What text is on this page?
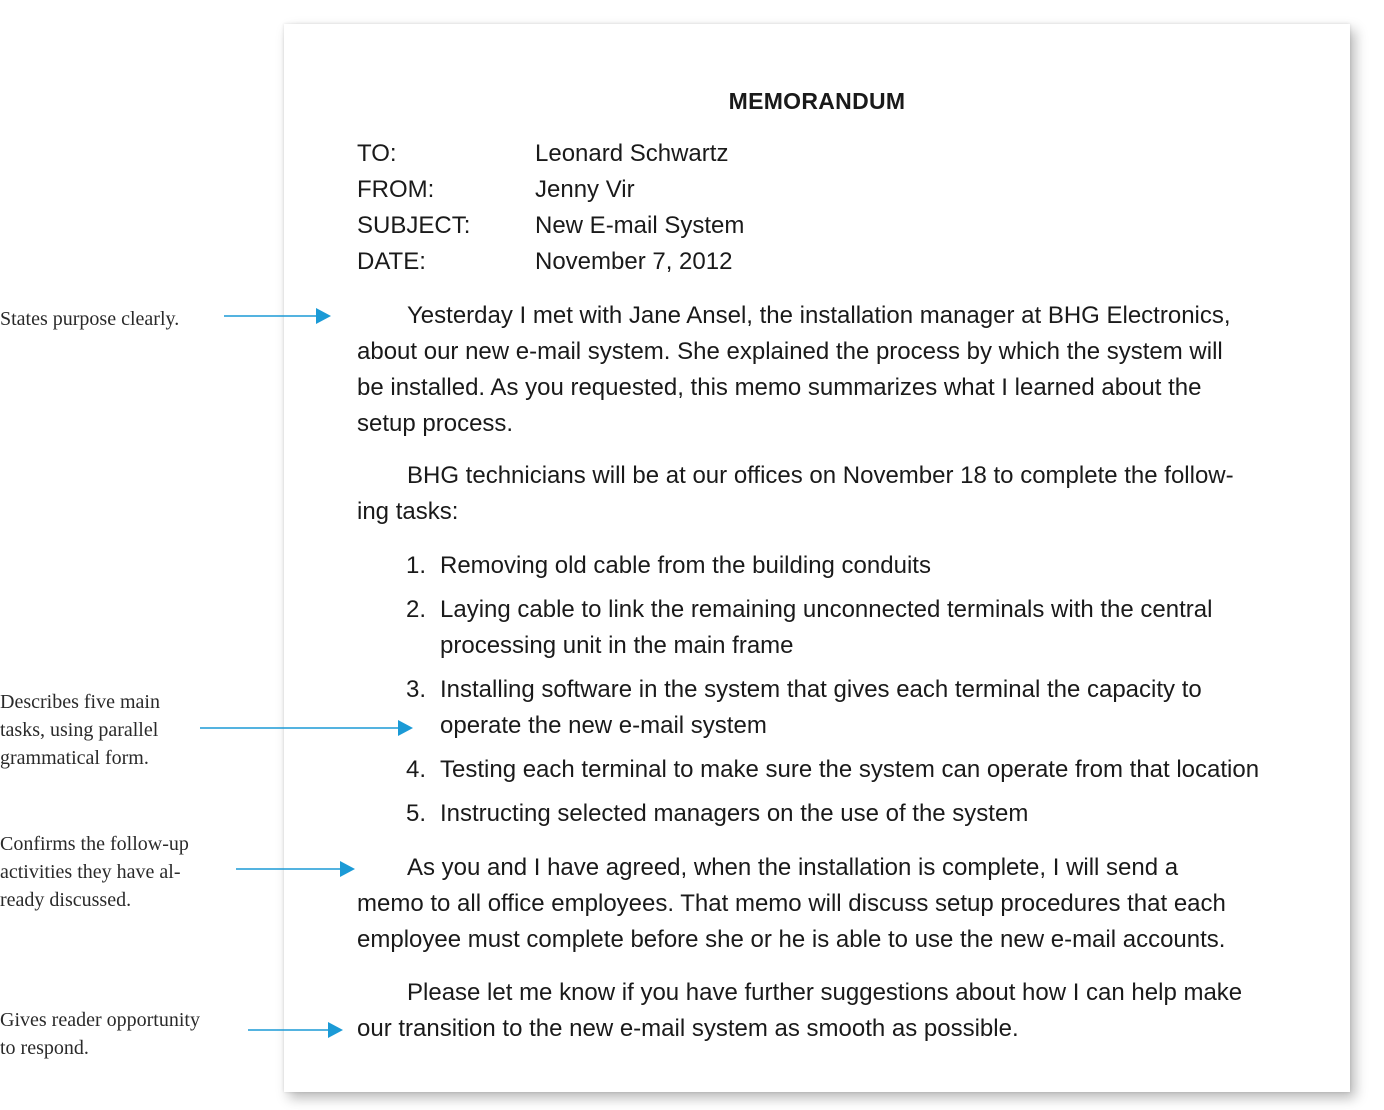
MEMORANDUM
TO:	Leonard Schwartz
FROM:	Jenny Vir
SUBJECT:	New E-mail System
DATE:	November 7, 2012
Yesterday I met with Jane Ansel, the installation manager at BHG Electronics,
about our new e-mail system. She explained the process by which the system will
be installed. As you requested, this memo summarizes what I learned about the
setup process.
BHG technicians will be at our offices on November 18 to complete the follow-
ing tasks:
1. Removing old cable from the building conduits
2. Laying cable to link the remaining unconnected terminals with the central
processing unit in the main frame
3. Installing software in the system that gives each terminal the capacity to
operate the new e-mail system
4. Testing each terminal to make sure the system can operate from that location
5. Instructing selected managers on the use of the system
As you and I have agreed, when the installation is complete, I will send a
memo to all office employees. That memo will discuss setup procedures that each
employee must complete before she or he is able to use the new e-mail accounts.
Please let me know if you have further suggestions about how I can help make
our transition to the new e-mail system as smooth as possible.
States purpose clearly.
Describes five main
tasks, using parallel
grammatical form.
Confirms the follow-up
activities they have al-
ready discussed.
Gives reader opportunity
to respond.
